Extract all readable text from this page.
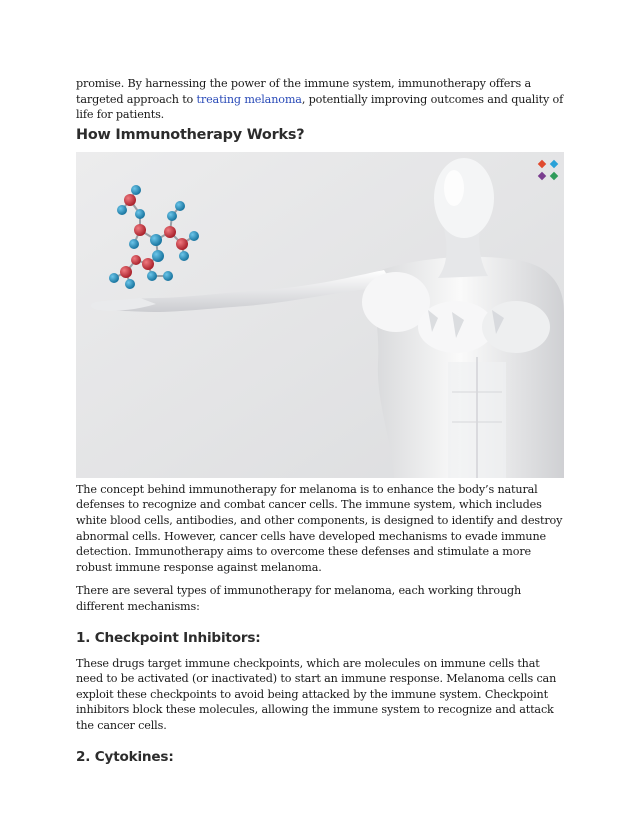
promise. By harnessing the power of the immune system, immunotherapy offers a targeted approach to treating melanoma, potentially improving outcomes and quality of life for patients.

How Immunotherapy Works?

The concept behind immunotherapy for melanoma is to enhance the body’s natural defenses to recognize and combat cancer cells. The immune system, which includes white blood cells, antibodies, and other components, is designed to identify and destroy abnormal cells. However, cancer cells have developed mechanisms to evade immune detection. Immunotherapy aims to overcome these defenses and stimulate a more robust immune response against melanoma.

There are several types of immunotherapy for melanoma, each working through different mechanisms:

1. Checkpoint Inhibitors:

These drugs target immune checkpoints, which are molecules on immune cells that need to be activated (or inactivated) to start an immune response. Melanoma cells can exploit these checkpoints to avoid being attacked by the immune system. Checkpoint inhibitors block these molecules, allowing the immune system to recognize and attack the cancer cells.

2. Cytokines:
